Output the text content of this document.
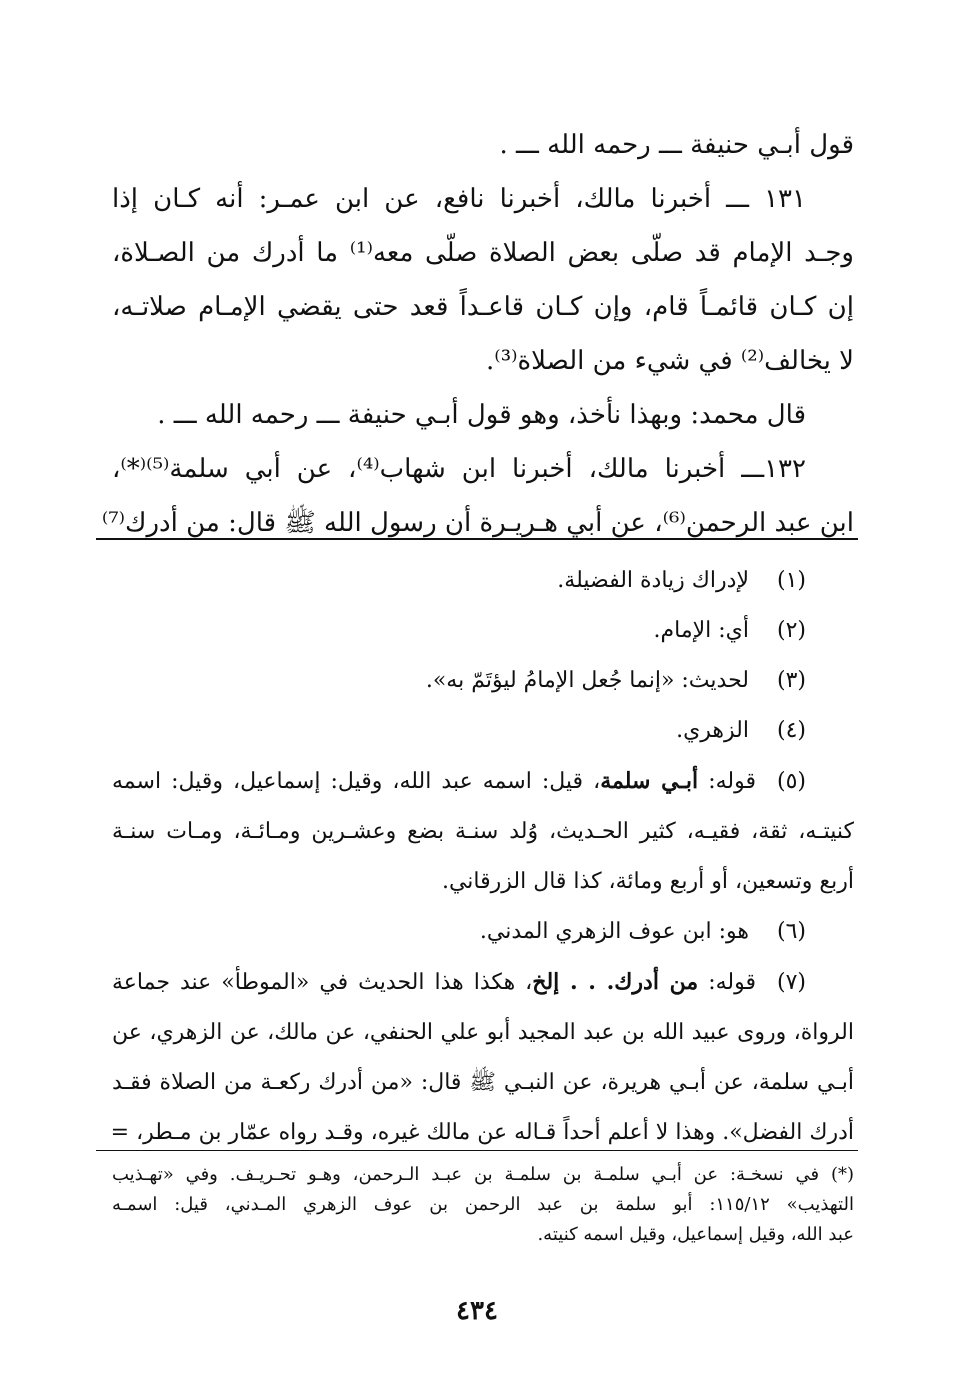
قول أبـي حنيفة ـــ رحمه الله ـــ .
١٣١ ـــ أخبرنا مالك، أخبرنا نافع، عن ابن عمـر: أنه كـان إذا
وجـد الإمام قد صلّى بعض الصلاة صلّى معه⁽¹⁾ ما أدرك من الصـلاة،
إن كـان قائمـاً قام، وإن كـان قاعـداً قعد حتى يقضي الإمـام صلاتـه،
لا يخالف⁽²⁾ في شيء من الصلاة⁽³⁾.
قال محمد: وبهذا نأخذ، وهو قول أبـي حنيفة ـــ رحمه الله ـــ .
١٣٢ـــ أخبرنا مالك، أخبرنا ابن شهاب⁽⁴⁾، عن أبي سلمة⁽⁵⁾⁽*⁾،
ابن عبد الرحمن⁽⁶⁾، عن أبي هـريـرة أن رسول الله ﷺ قال: من أدرك⁽⁷⁾
(١) لإدراك زيادة الفضيلة.
(٢) أي: الإمام.
(٣) لحديث: «إنما جُعل الإمامُ ليؤتَمّ به».
(٤) الزهري.
(٥)قوله: أبـي سلمة، قيل: اسمه عبد الله، وقيل: إسماعيل، وقيل: اسمه
كنيتـه، ثقة، فقيـه، كثير الحـديث، وُلد سنـة بضع وعشـرين ومـائـة، ومـات سنـة
أربع وتسعين، أو أربع ومائة، كذا قال الزرقاني.
(٦) هو: ابن عوف الزهري المدني.
(٧)قوله: من أدرك. . . إلخ، هكذا هذا الحديث في «الموطأ» عند جماعة
الرواة، وروى عبيد الله بن عبد المجيد أبو علي الحنفي، عن مالك، عن الزهري، عن
أبـي سلمة، عن أبـي هريرة، عن النبـي ﷺ قال: «من أدرك ركعـة من الصلاة فقـد
أدرك الفضل». وهذا لا أعلم أحداً قـاله عن مالك غيره، وقـد رواه عمّار بن مـطر، =
(*) في نسخـة: عن أبـي سلمـة بن سلمـة بن عبـد الـرحمن، وهـو تحـريـف. وفي «تهـذيب
التهذيب» ١١٥/١٢: أبو سلمة بن عبد الرحمن بن عوف الزهري المـدني، قيل: اسمـه
عبد الله، وقيل إسماعيل، وقيل اسمه كنيته.
٤٣٤
